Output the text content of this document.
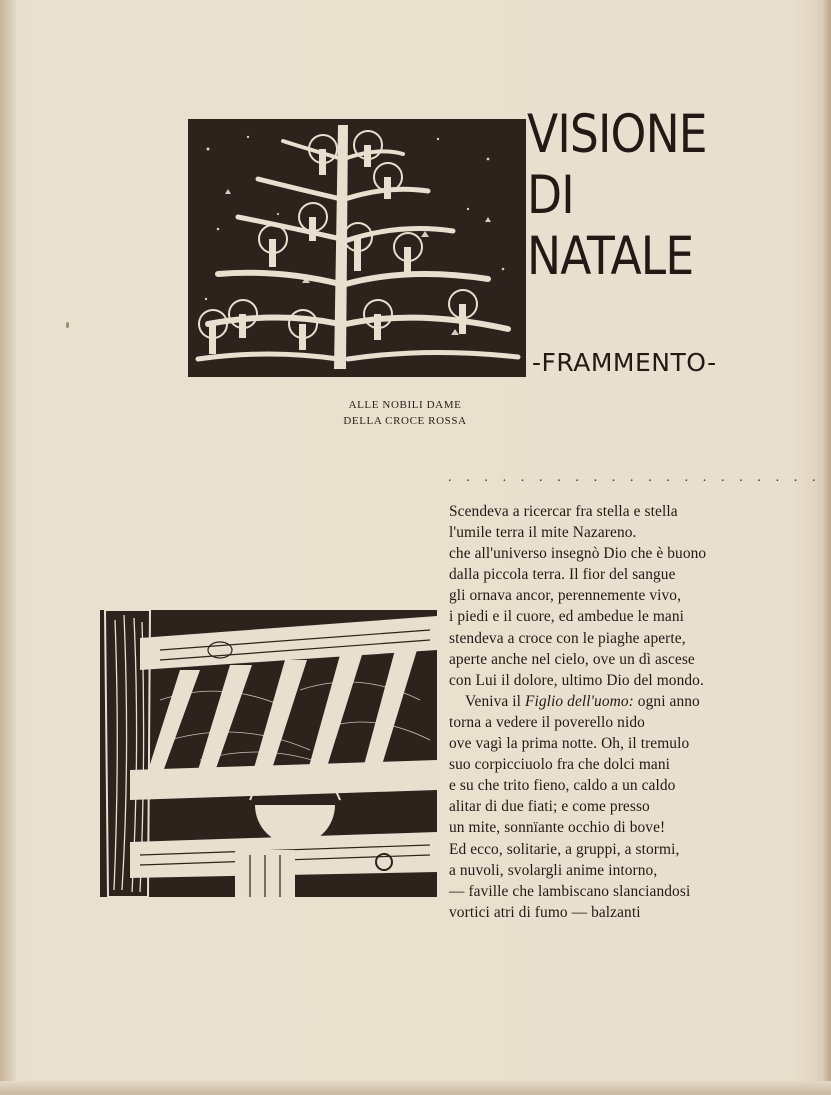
VISIONE
DI
NATALE
-FRAMMENTO-
ALLE NOBILI DAME
DELLA CROCE ROSSA
. . . . . . . . . . . . . . . . . . . . .
Scendeva a ricercar fra stella e stella
l'umile terra il mite Nazareno.
che all'universo insegnò Dio che è buono
dalla piccola terra. Il fior del sangue
gli ornava ancor, perennemente vivo,
i piedi e il cuore, ed ambedue le mani
stendeva a croce con le piaghe aperte,
aperte anche nel cielo, ove un dì ascese
con Lui il dolore, ultimo Dio del mondo.
Veniva il Figlio dell'uomo: ogni anno
torna a vedere il poverello nido
ove vagì la prima notte. Oh, il tremulo
suo corpicciuolo fra che dolci mani
e su che trito fieno, caldo a un caldo
alitar di due fiati; e come presso
un mite, sonnïante occhio di bove!
Ed ecco, solitarie, a gruppi, a stormi,
a nuvoli, svolargli anime intorno,
— faville che lambiscano slanciandosi
vortici atri di fumo — balzanti
